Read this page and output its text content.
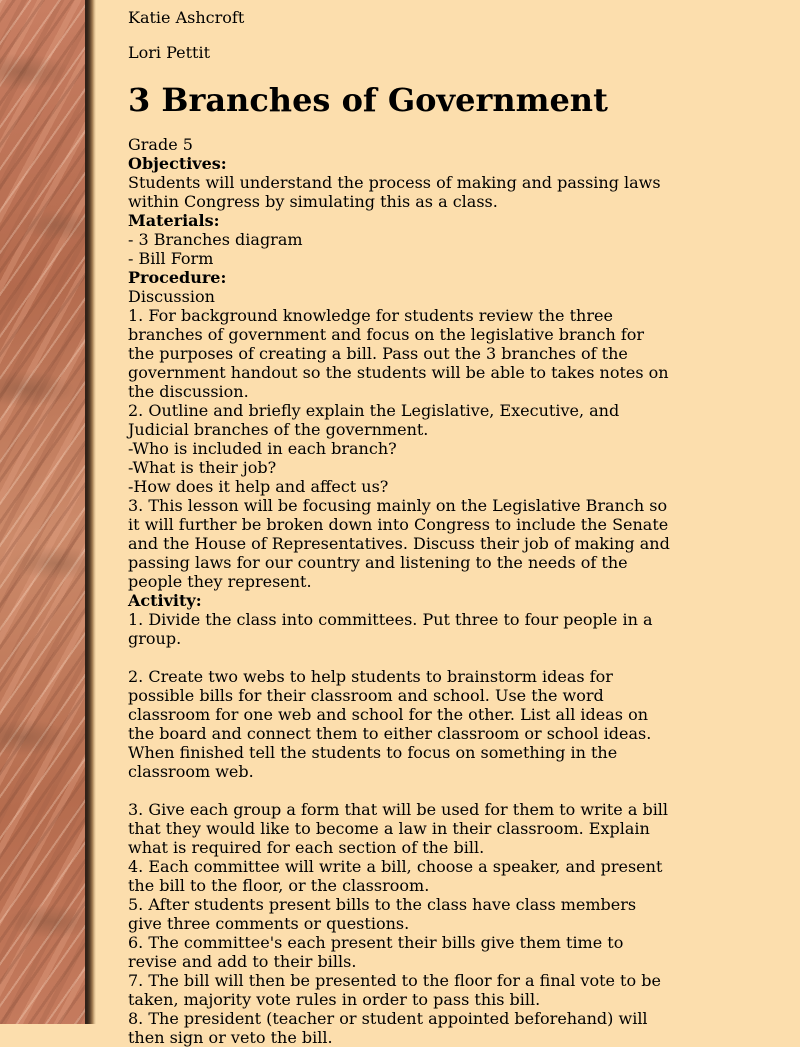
Katie Ashcroft

Lori Pettit

3 Branches of Government
Grade 5
Objectives:
Students will understand the process of making and passing laws within Congress by simulating this as a class.
Materials:
- 3 Branches diagram
- Bill Form
Procedure:
Discussion
1. For background knowledge for students review the three branches of government and focus on the legislative branch for the purposes of creating a bill. Pass out the 3 branches of the government handout so the students will be able to takes notes on the discussion.
2. Outline and briefly explain the Legislative, Executive, and Judicial branches of the government.
-Who is included in each branch?
-What is their job?
-How does it help and affect us?
3. This lesson will be focusing mainly on the Legislative Branch so it will further be broken down into Congress to include the Senate and the House of Representatives. Discuss their job of making and passing laws for our country and listening to the needs of the people they represent.
Activity:
1. Divide the class into committees. Put three to four people in a group.
2. Create two webs to help students to brainstorm ideas for possible bills for their classroom and school. Use the word classroom for one web and school for the other. List all ideas on the board and connect them to either classroom or school ideas. When finished tell the students to focus on something in the classroom web.
3. Give each group a form that will be used for them to write a bill that they would like to become a law in their classroom. Explain what is required for each section of the bill.
4. Each committee will write a bill, choose a speaker, and present the bill to the floor, or the classroom.
5. After students present bills to the class have class members give three comments or questions.
6. The committee's each present their bills give them time to revise and add to their bills.
7. The bill will then be presented to the floor for a final vote to be taken, majority vote rules in order to pass this bill.
8. The president (teacher or student appointed beforehand) will then sign or veto the bill.
